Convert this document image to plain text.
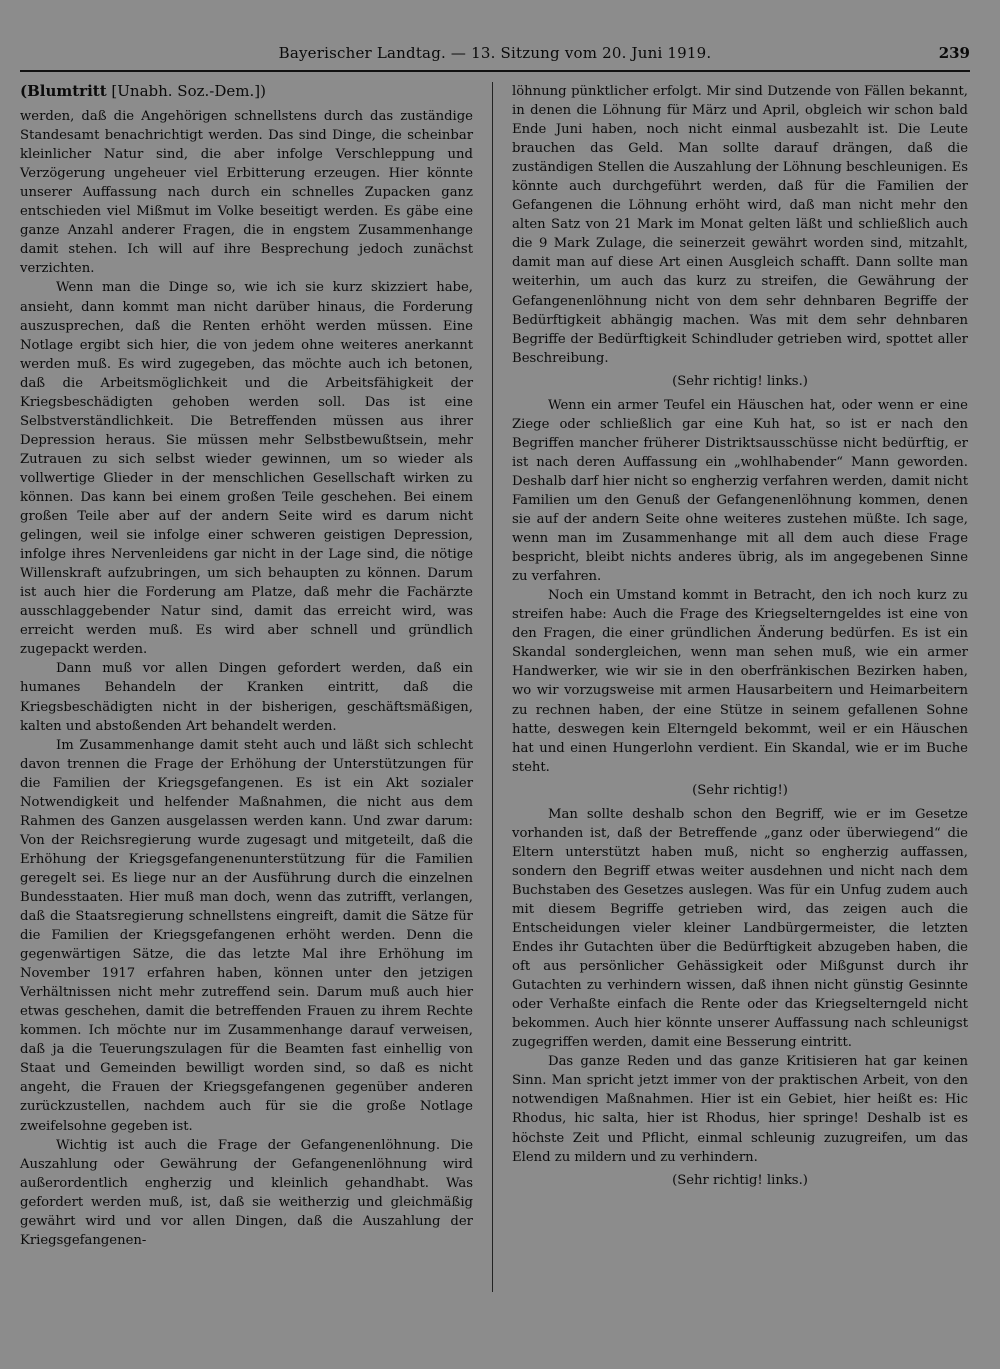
Bayerischer Landtag. — 13. Sitzung vom 20. Juni 1919.	239
(Blumtritt [Unabh. Soz.-Dem.])

werden, daß die Angehörigen schnellstens durch das zuständige Standesamt benachrichtigt werden. Das sind Dinge, die scheinbar kleinlicher Natur sind, die aber infolge Verschleppung und Verzögerung ungeheuer viel Erbitterung erzeugen. Hier könnte unserer Auffassung nach durch ein schnelles Zupacken ganz entschieden viel Mißmut im Volke beseitigt werden. Es gäbe eine ganze Anzahl anderer Fragen, die in engstem Zusammenhange damit stehen. Ich will auf ihre Besprechung jedoch zunächst verzichten.

Wenn man die Dinge so, wie ich sie kurz skizziert habe, ansieht, dann kommt man nicht darüber hinaus, die Forderung auszusprechen, daß die Renten erhöht werden müssen. Eine Notlage ergibt sich hier, die von jedem ohne weiteres anerkannt werden muß. Es wird zugegeben, das möchte auch ich betonen, daß die Arbeitsmöglichkeit und die Arbeitsfähigkeit der Kriegsbeschädigten gehoben werden soll. Das ist eine Selbstverständlichkeit. Die Betreffenden müssen aus ihrer Depression heraus. Sie müssen mehr Selbstbewußtsein, mehr Zutrauen zu sich selbst wieder gewinnen, um so wieder als vollwertige Glieder in der menschlichen Gesellschaft wirken zu können. Das kann bei einem großen Teile geschehen. Bei einem großen Teile aber auf der andern Seite wird es darum nicht gelingen, weil sie infolge einer schweren geistigen Depression, infolge ihres Nervenleidens gar nicht in der Lage sind, die nötige Willenskraft aufzubringen, um sich behaupten zu können. Darum ist auch hier die Forderung am Platze, daß mehr die Fachärzte ausschlaggebender Natur sind, damit das erreicht wird, was erreicht werden muß. Es wird aber schnell und gründlich zugepackt werden.

Dann muß vor allen Dingen gefordert werden, daß ein humanes Behandeln der Kranken eintritt, daß die Kriegsbeschädigten nicht in der bisherigen, geschäftsmäßigen, kalten und abstoßenden Art behandelt werden.

Im Zusammenhange damit steht auch und läßt sich schlecht davon trennen die Frage der Erhöhung der Unterstützungen für die Familien der Kriegsgefangenen. Es ist ein Akt sozialer Notwendigkeit und helfender Maßnahmen, die nicht aus dem Rahmen des Ganzen ausgelassen werden kann. Und zwar darum: Von der Reichsregierung wurde zugesagt und mitgeteilt, daß die Erhöhung der Kriegsgefangenenunterstützung für die Familien geregelt sei. Es liege nur an der Ausführung durch die einzelnen Bundesstaaten. Hier muß man doch, wenn das zutrifft, verlangen, daß die Staatsregierung schnellstens eingreift, damit die Sätze für die Familien der Kriegsgefangenen erhöht werden. Denn die gegenwärtigen Sätze, die das letzte Mal ihre Erhöhung im November 1917 erfahren haben, können unter den jetzigen Verhältnissen nicht mehr zutreffend sein. Darum muß auch hier etwas geschehen, damit die betreffenden Frauen zu ihrem Rechte kommen. Ich möchte nur im Zusammenhange darauf verweisen, daß ja die Teuerungszulagen für die Beamten fast einhellig von Staat und Gemeinden bewilligt worden sind, so daß es nicht angeht, die Frauen der Kriegsgefangenen gegenüber anderen zurückzustellen, nachdem auch für sie die große Notlage zweifelsohne gegeben ist.

Wichtig ist auch die Frage der Gefangenenlöhnung. Die Auszahlung oder Gewährung der Gefangenenlöhnung wird außerordentlich engherzig und kleinlich gehandhabt. Was gefordert werden muß, ist, daß sie weitherzig und gleichmäßig gewährt wird und vor allen Dingen, daß die Auszahlung der Kriegsgefangenen-

löhnung pünktlicher erfolgt. Mir sind Dutzende von Fällen bekannt, in denen die Löhnung für März und April, obgleich wir schon bald Ende Juni haben, noch nicht einmal ausbezahlt ist. Die Leute brauchen das Geld. Man sollte darauf drängen, daß die zuständigen Stellen die Auszahlung der Löhnung beschleunigen. Es könnte auch durchgeführt werden, daß für die Familien der Gefangenen die Löhnung erhöht wird, daß man nicht mehr den alten Satz von 21 Mark im Monat gelten läßt und schließlich auch die 9 Mark Zulage, die seinerzeit gewährt worden sind, mitzahlt, damit man auf diese Art einen Ausgleich schafft. Dann sollte man weiterhin, um auch das kurz zu streifen, die Gewährung der Gefangenenlöhnung nicht von dem sehr dehnbaren Begriffe der Bedürftigkeit abhängig machen. Was mit dem sehr dehnbaren Begriffe der Bedürftigkeit Schindluder getrieben wird, spottet aller Beschreibung.

(Sehr richtig! links.)

Wenn ein armer Teufel ein Häuschen hat, oder wenn er eine Ziege oder schließlich gar eine Kuh hat, so ist er nach den Begriffen mancher früherer Distriktsausschüsse nicht bedürftig, er ist nach deren Auffassung ein „wohlhabender“ Mann geworden. Deshalb darf hier nicht so engherzig verfahren werden, damit nicht Familien um den Genuß der Gefangenenlöhnung kommen, denen sie auf der andern Seite ohne weiteres zustehen müßte. Ich sage, wenn man im Zusammenhange mit all dem auch diese Frage bespricht, bleibt nichts anderes übrig, als im angegebenen Sinne zu verfahren.

Noch ein Umstand kommt in Betracht, den ich noch kurz zu streifen habe: Auch die Frage des Kriegselterngeldes ist eine von den Fragen, die einer gründlichen Änderung bedürfen. Es ist ein Skandal sondergleichen, wenn man sehen muß, wie ein armer Handwerker, wie wir sie in den oberfränkischen Bezirken haben, wo wir vorzugsweise mit armen Hausarbeitern und Heimarbeitern zu rechnen haben, der eine Stütze in seinem gefallenen Sohne hatte, deswegen kein Elterngeld bekommt, weil er ein Häuschen hat und einen Hungerlohn verdient. Ein Skandal, wie er im Buche steht.

(Sehr richtig!)

Man sollte deshalb schon den Begriff, wie er im Gesetze vorhanden ist, daß der Betreffende „ganz oder überwiegend“ die Eltern unterstützt haben muß, nicht so engherzig auffassen, sondern den Begriff etwas weiter ausdehnen und nicht nach dem Buchstaben des Gesetzes auslegen. Was für ein Unfug zudem auch mit diesem Begriffe getrieben wird, das zeigen auch die Entscheidungen vieler kleiner Landbürgermeister, die letzten Endes ihr Gutachten über die Bedürftigkeit abzugeben haben, die oft aus persönlicher Gehässigkeit oder Mißgunst durch ihr Gutachten zu verhindern wissen, daß ihnen nicht günstig Gesinnte oder Verhaßte einfach die Rente oder das Kriegselterngeld nicht bekommen. Auch hier könnte unserer Auffassung nach schleunigst zugegriffen werden, damit eine Besserung eintritt.

Das ganze Reden und das ganze Kritisieren hat gar keinen Sinn. Man spricht jetzt immer von der praktischen Arbeit, von den notwendigen Maßnahmen. Hier ist ein Gebiet, hier heißt es: Hic Rhodus, hic salta, hier ist Rhodus, hier springe! Deshalb ist es höchste Zeit und Pflicht, einmal schleunig zuzugreifen, um das Elend zu mildern und zu verhindern.

(Sehr richtig! links.)
